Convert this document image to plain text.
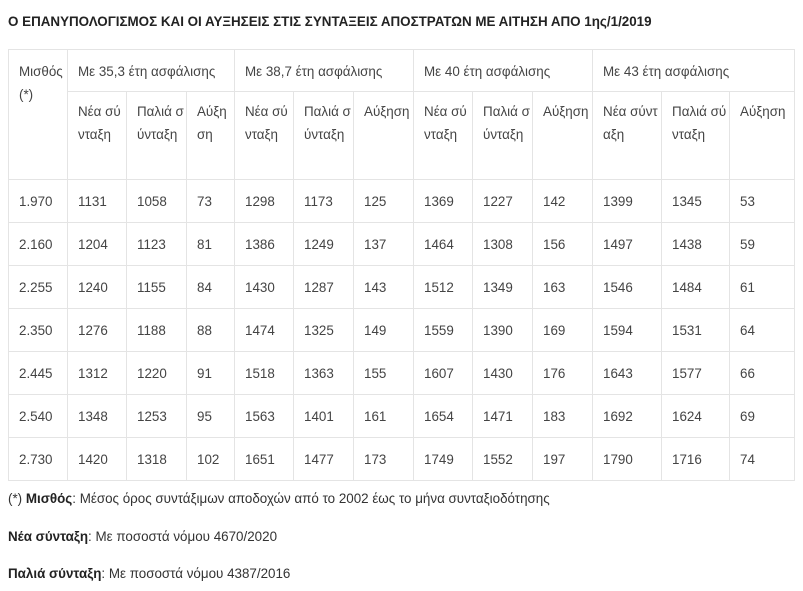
Ο ΕΠΑΝΥΠΟΛΟΓΙΣΜΟΣ ΚΑΙ ΟΙ ΑΥΞΗΣΕΙΣ ΣΤΙΣ ΣΥΝΤΑΞΕΙΣ ΑΠΟΣΤΡΑΤΩΝ ΜΕ ΑΙΤΗΣΗ ΑΠΟ 1ης/1/2019
Μισθός (*)	Με 35,3 έτη ασφάλισης			Με 38,7 έτη ασφάλισης			Με 40 έτη ασφάλισης			Με 43 έτη ασφάλισης		
	Νέα σύνταξη	Παλιά σύνταξη	Αύξηση	Νέα σύνταξη	Παλιά σύνταξη	Αύξηση	Νέα σύνταξη	Παλιά σύνταξη	Αύξηση	Νέα σύνταξη	Παλιά σύνταξη	Αύξηση
1.970	1131	1058	73	1298	1173	125	1369	1227	142	1399	1345	53
2.160	1204	1123	81	1386	1249	137	1464	1308	156	1497	1438	59
2.255	1240	1155	84	1430	1287	143	1512	1349	163	1546	1484	61
2.350	1276	1188	88	1474	1325	149	1559	1390	169	1594	1531	64
2.445	1312	1220	91	1518	1363	155	1607	1430	176	1643	1577	66
2.540	1348	1253	95	1563	1401	161	1654	1471	183	1692	1624	69
2.730	1420	1318	102	1651	1477	173	1749	1552	197	1790	1716	74
(*) Μισθός: Μέσος όρος συντάξιμων αποδοχών από το 2002 έως το μήνα συνταξιοδότησης
Νέα σύνταξη: Με ποσοστά νόμου 4670/2020
Παλιά σύνταξη: Με ποσοστά νόμου 4387/2016
